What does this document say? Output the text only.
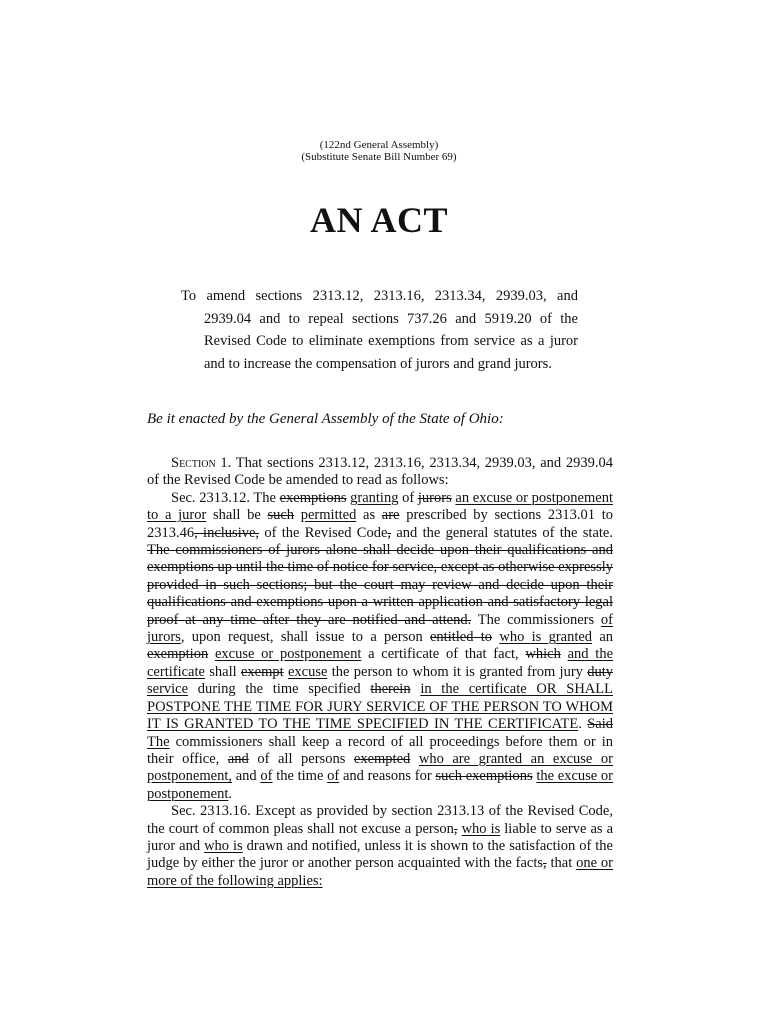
(122nd General Assembly)
(Substitute Senate Bill Number 69)
AN ACT
To amend sections 2313.12, 2313.16, 2313.34, 2939.03, and 2939.04 and to repeal sections 737.26 and 5919.20 of the Revised Code to eliminate exemptions from service as a juror and to increase the compensation of jurors and grand jurors.
Be it enacted by the General Assembly of the State of Ohio:

Section 1. That sections 2313.12, 2313.16, 2313.34, 2939.03, and 2939.04 of the Revised Code be amended to read as follows:

Sec. 2313.12. The exemptions granting of jurors an excuse or postponement to a juror shall be such permitted as are prescribed by sections 2313.01 to 2313.46, inclusive, of the Revised Code, and the general statutes of the state. The commissioners of jurors alone shall decide upon their qualifications and exemptions up until the time of notice for service, except as otherwise expressly provided in such sections; but the court may review and decide upon their qualifications and exemptions upon a written application and satisfactory legal proof at any time after they are notified and attend. The commissioners of jurors, upon request, shall issue to a person entitled to who is granted an exemption excuse or postponement a certificate of that fact, which and the certificate shall exempt excuse the person to whom it is granted from jury duty service during the time specified therein in the certificate OR SHALL POSTPONE THE TIME FOR JURY SERVICE OF THE PERSON TO WHOM IT IS GRANTED TO THE TIME SPECIFIED IN THE CERTIFICATE. Said The commissioners shall keep a record of all proceedings before them or in their office, and of all persons exempted who are granted an excuse or postponement, and of the time of and reasons for such exemptions the excuse or postponement.

Sec. 2313.16. Except as provided by section 2313.13 of the Revised Code, the court of common pleas shall not excuse a person, who is liable to serve as a juror and who is drawn and notified, unless it is shown to the satisfaction of the judge by either the juror or another person acquainted with the facts, that one or more of the following applies:
